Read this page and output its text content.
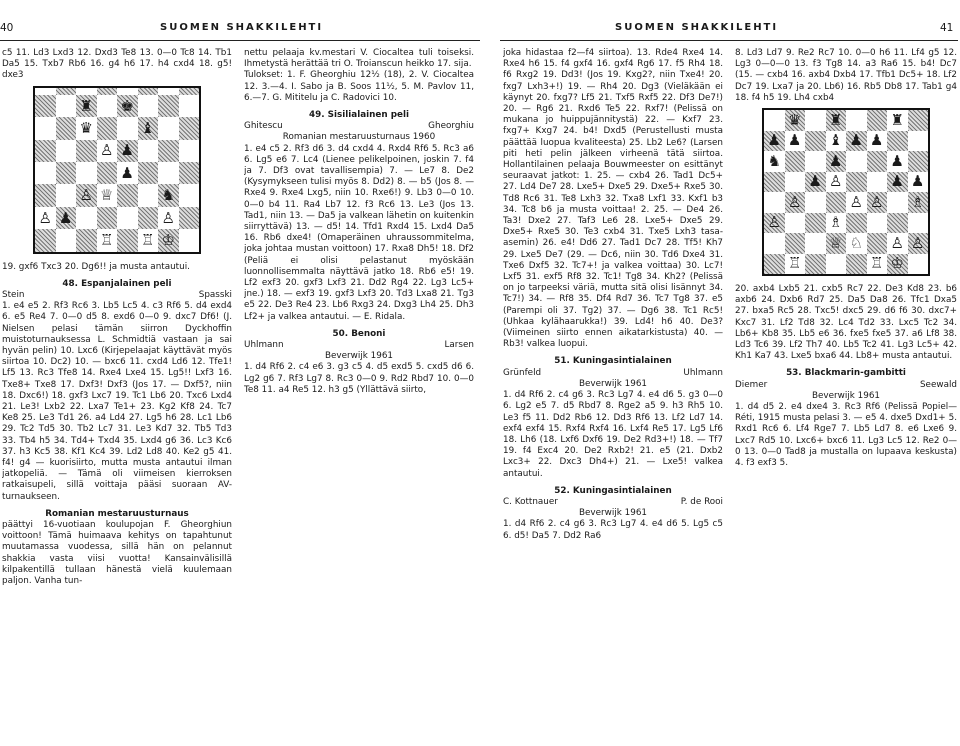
40	SUOMEN SHAKKILEHTI	SUOMEN SHAKKILEHTI	41

c5 11. Ld3 Lxd3 12. Dxd3 Te8 13. 0—0 Tc8 14. Tb1 Da5 15. Txb7 Rb6 16. g4 h6 17. h4 cxd4 18. g5! dxe3

♜ ♚
♛	♝
♙ ♟
♟
♙ ♕	♞
♙ ♟	♙
♖ ♖ ♔

19. gxf6 Txc3 20. Dg6!! ja musta antautui.

48. Espanjalainen peli

Stein	Spasski

1. e4 e5 2. Rf3 Rc6 3. Lb5 Lc5 4. c3 Rf6 5. d4 exd4 6. e5 Re4 7. 0—0 d5 8. exd6 0—0 9. dxc7 Df6! (J. Nielsen pelasi tämän siirron Dyckhoffin muistoturnauksessa L. Schmidtiä vastaan ja sai hyvän pelin) 10. Lxc6 (Kirjepelaajat käyttävät myös siirtoa 10. Dc2) 10. — bxc6 11. cxd4 Ld6 12. Tfe1! Lf5 13. Rc3 Tfe8 14. Rxe4 Lxe4 15. Lg5!! Lxf3 16. Txe8+ Txe8 17. Dxf3! Dxf3 (Jos 17. — Dxf5?, niin 18. Dxc6!) 18. gxf3 Lxc7 19. Tc1 Lb6 20. Txc6 Lxd4 21. Le3! Lxb2 22. Lxa7 Te1+ 23. Kg2 Kf8 24. Tc7 Ke8 25. Le3 Td1 26. a4 Ld4 27. Lg5 h6 28. Lc1 Lb6 29. Tc2 Td5 30. Tb2 Lc7 31. Le3 Kd7 32. Tb5 Td3 33. Tb4 h5 34. Td4+ Txd4 35. Lxd4 g6 36. Lc3 Kc6 37. h3 Kc5 38. Kf1 Kc4 39. Ld2 Ld8 40. Ke2 g5 41. f4! g4 — kuorisiirto, mutta musta antautui ilman jatkopeliä. — Tämä oli viimeisen kierroksen ratkaisupeli, sillä voittaja pääsi suoraan AV-turnaukseen.

Romanian mestaruusturnaus

päättyi 16-vuotiaan koulupojan F. Gheorghiun voittoon! Tämä huimaava kehitys on tapahtunut muutamassa vuodessa, sillä hän on pelannut shakkia vasta viisi vuotta! Kansainvälisillä kilpakentillä tullaan hänestä vielä kuulemaan paljon. Vanha tun-

nettu pelaaja kv.mestari V. Ciocaltea tuli toiseksi. Ihmetystä herättää tri O. Troianscun heikko 17. sija.

Tulokset: 1. F. Gheorghiu 12½ (18), 2. V. Ciocaltea 12. 3.—4. I. Sabo ja B. Soos 11½, 5. M. Pavlov 11, 6.—7. G. Mititelu ja C. Radovici 10.

49. Sisilialainen peli

Ghitescu	Gheorghiu

Romanian mestaruusturnaus 1960

1. e4 c5 2. Rf3 d6 3. d4 cxd4 4. Rxd4 Rf6 5. Rc3 a6 6. Lg5 e6 7. Lc4 (Lienee pelikelpoinen, joskin 7. f4 ja 7. Df3 ovat tavallisempia) 7. — Le7 8. De2 (Kysymykseen tulisi myös 8. Dd2) 8. — b5 (Jos 8. — Rxe4 9. Rxe4 Lxg5, niin 10. Rxe6!) 9. Lb3 0—0 10. 0—0 b4 11. Ra4 Lb7 12. f3 Rc6 13. Le3 (Jos 13. Tad1, niin 13. — Da5 ja valkean lähetin on kuitenkin siirryttävä) 13. — d5! 14. Tfd1 Rxd4 15. Lxd4 Da5 16. Rb6 dxe4! (Omaperäinen uhraussommitelma, joka johtaa mustan voittoon) 17. Rxa8 Dh5! 18. Df2 (Peliä ei olisi pelastanut myöskään luonnollisemmalta näyttävä jatko 18. Rb6 e5! 19. Lf2 exf3 20. gxf3 Lxf3 21. Dd2 Rg4 22. Lg3 Lc5+ jne.) 18. — exf3 19. gxf3 Lxf3 20. Td3 Lxa8 21. Tg3 e5 22. De3 Re4 23. Lb6 Rxg3 24. Dxg3 Lh4 25. Dh3 Lf2+ ja valkea antautui. — E. Ridala.

50. Benoni

Uhlmann	Larsen

Beverwijk 1961

1. d4 Rf6 2. c4 e6 3. g3 c5 4. d5 exd5 5. cxd5 d6 6. Lg2 g6 7. Rf3 Lg7 8. Rc3 0—0 9. Rd2 Rbd7 10. 0—0 Te8 11. a4 Re5 12. h3 g5 (Yllättävä siirto,

joka hidastaa f2—f4 siirtoa). 13. Rde4 Rxe4 14. Rxe4 h6 15. f4 gxf4 16. gxf4 Rg6 17. f5 Rh4 18. f6 Rxg2 19. Dd3! (Jos 19. Kxg2?, niin Txe4! 20. fxg7 Lxh3+!) 19. — Rh4 20. Dg3 (Vieläkään ei käynyt 20. fxg7? Lf5 21. Txf5 Rxf5 22. Df3 De7!) 20. — Rg6 21. Rxd6 Te5 22. Rxf7! (Pelissä on mukana jo huippujännitystä) 22. — Kxf7 23. fxg7+ Kxg7 24. b4! Dxd5 (Perustellusti musta päättää luopua kvaliteesta) 25. Lb2 Le6? (Larsen piti heti pelin jälkeen virheenä tätä siirtoa. Hollantilainen pelaaja Bouwmeester on esittänyt seuraavat jatkot: 1. 25. — cxb4 26. Tad1 Dc5+ 27. Ld4 De7 28. Lxe5+ Dxe5 29. Dxe5+ Rxe5 30. Td8 Rc6 31. Te8 Lxh3 32. Txa8 Lxf1 33. Kxf1 b3 34. Tc8 b6 ja musta voittaa! 2. 25. — De4 26. Ta3! Dxe2 27. Taf3 Le6 28. Lxe5+ Dxe5 29. Dxe5+ Rxe5 30. Te3 cxb4 31. Txe5 Lxh3 tasa-asemin) 26. e4! Dd6 27. Tad1 Dc7 28. Tf5! Kh7 29. Lxe5 De7 (29. — Dc6, niin 30. Td6 Dxe4 31. Txe6 Dxf5 32. Tc7+! ja valkea voittaa) 30. Lc7! Lxf5 31. exf5 Rf8 32. Tc1! Tg8 34. Kh2? (Pelissä on jo tarpeeksi väriä, mutta sitä olisi lisännyt 34. Tc7!) 34. — Rf8 35. Df4 Rd7 36. Tc7 Tg8 37. e5 (Parempi oli 37. Tg2) 37. — Dg6 38. Tc1 Rc5! (Uhkaa kylähaarukka!) 39. Ld4! h6 40. De3? (Viimeinen siirto ennen aikatarkistusta) 40. — Rb3! valkea luopui.

51. Kuningasintialainen

Grünfeld	Uhlmann

Beverwijk 1961

1. d4 Rf6 2. c4 g6 3. Rc3 Lg7 4. e4 d6 5. g3 0—0 6. Lg2 e5 7. d5 Rbd7 8. Rge2 a5 9. h3 Rh5 10. Le3 f5 11. Dd2 Rb6 12. Dd3 Rf6 13. Lf2 Ld7 14. exf4 exf4 15. Rxf4 Rxf4 16. Lxf4 Re5 17. Lg5 Lf6 18. Lh6 (18. Lxf6 Dxf6 19. De2 Rd3+!) 18. — Tf7 19. f4 Exc4 20. De2 Rxb2! 21. e5 (21. Dxb2 Lxc3+ 22. Dxc3 Dh4+) 21. — Lxe5! valkea antautui.

52. Kuningasintialainen

C. Kottnauer	P. de Rooi

Beverwijk 1961

1. d4 Rf6 2. c4 g6 3. Rc3 Lg7 4. e4 d6 5. Lg5 c5 6. d5! Da5 7. Dd2 Ra6

8. Ld3 Ld7 9. Re2 Rc7 10. 0—0 h6 11. Lf4 g5 12. Lg3 0—0—0 13. f3 Tg8 14. a3 Ra6 15. b4! Dc7 (15. — cxb4 16. axb4 Dxb4 17. Tfb1 Dc5+ 18. Lf2 Dc7 19. Lxa7 ja 20. Lb6) 16. Rb5 Db8 17. Tab1 g4 18. f4 h5 19. Lh4 cxb4

♛ ♜	♜
♟ ♟ ♝ ♟ ♟
♞	♟	♟
♟ ♙	♟ ♟
♙	♙ ♙ ♗
♙	♗
♕ ♘ ♙ ♙
♖	♖ ♔

20. axb4 Lxb5 21. cxb5 Rc7 22. De3 Kd8 23. b6 axb6 24. Dxb6 Rd7 25. Da5 Da8 26. Tfc1 Dxa5 27. bxa5 Rc5 28. Txc5! dxc5 29. d6 f6 30. dxc7+ Kxc7 31. Lf2 Td8 32. Lc4 Td2 33. Lxc5 Tc2 34. Lb6+ Kb8 35. Lb5 e6 36. fxe5 fxe5 37. a6 Lf8 38. Ld3 Tc6 39. Lf2 Th7 40. Lb5 Tc2 41. Lg3 Lc5+ 42. Kh1 Ka7 43. Lxe5 bxa6 44. Lb8+ musta antautui.

53. Blackmarin-gambitti

Diemer	Seewald

Beverwijk 1961

1. d4 d5 2. e4 dxe4 3. Rc3 Rf6 (Pelissä Popiel—Réti, 1915 musta pelasi 3. — e5 4. dxe5 Dxd1+ 5. Rxd1 Rc6 6. Lf4 Rge7 7. Lb5 Ld7 8. e6 Lxe6 9. Lxc7 Rd5 10. Lxc6+ bxc6 11. Lg3 Lc5 12. Re2 0—0 13. 0—0 Tad8 ja mustalla on lupaava keskusta) 4. f3 exf3 5.
